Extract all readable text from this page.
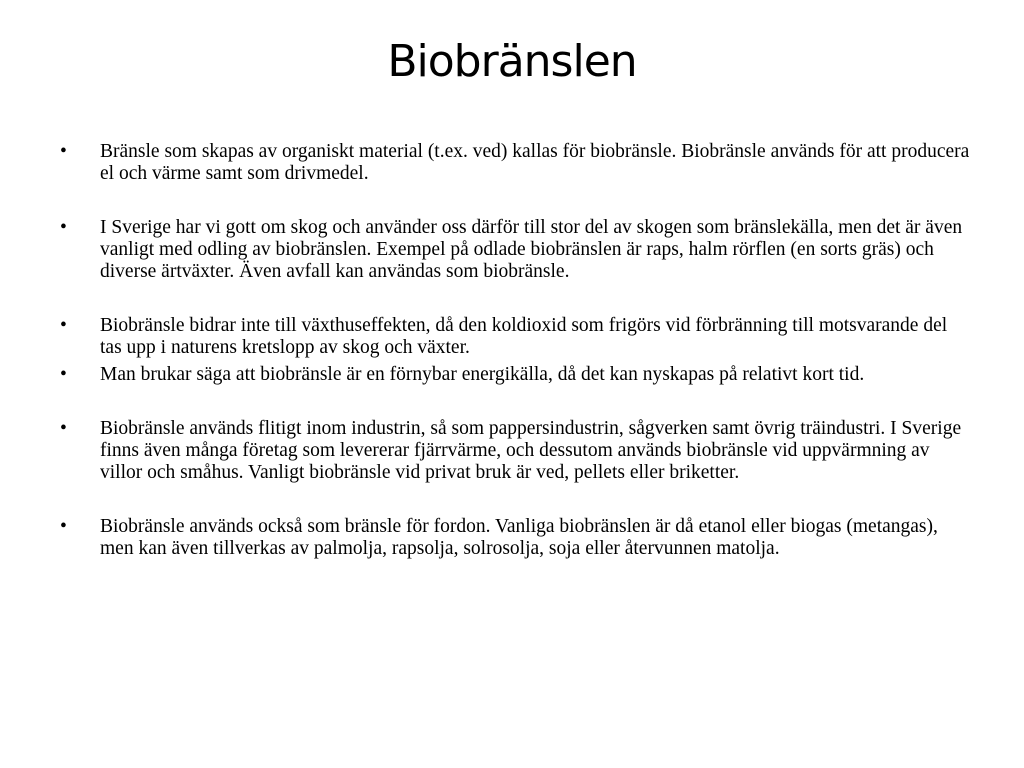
Biobränslen
•	Bränsle som skapas av organiskt material (t.ex. ved) kallas för biobränsle. Biobränsle används för att producera el och värme samt som drivmedel.
•	I Sverige har vi gott om skog och använder oss därför till stor del av skogen som bränslekälla, men det är även vanligt med odling av biobränslen. Exempel på odlade biobränslen är raps, halm rörflen (en sorts gräs) och diverse ärtväxter. Även avfall kan användas som biobränsle.
•	Biobränsle bidrar inte till växthuseffekten, då den koldioxid som frigörs vid förbränning till motsvarande del tas upp i naturens kretslopp av skog och växter.
•	Man brukar säga att biobränsle är en förnybar energikälla, då det kan nyskapas på relativt kort tid.
•	Biobränsle används flitigt inom industrin, så som pappersindustrin, sågverken samt övrig träindustri. I Sverige finns även många företag som levererar fjärrvärme, och dessutom används biobränsle vid uppvärmning av villor och småhus. Vanligt biobränsle vid privat bruk är ved, pellets eller briketter.
•	Biobränsle används också som bränsle för fordon. Vanliga biobränslen är då etanol eller biogas (metangas), men kan även tillverkas av palmolja, rapsolja, solrosolja, soja eller återvunnen matolja.
